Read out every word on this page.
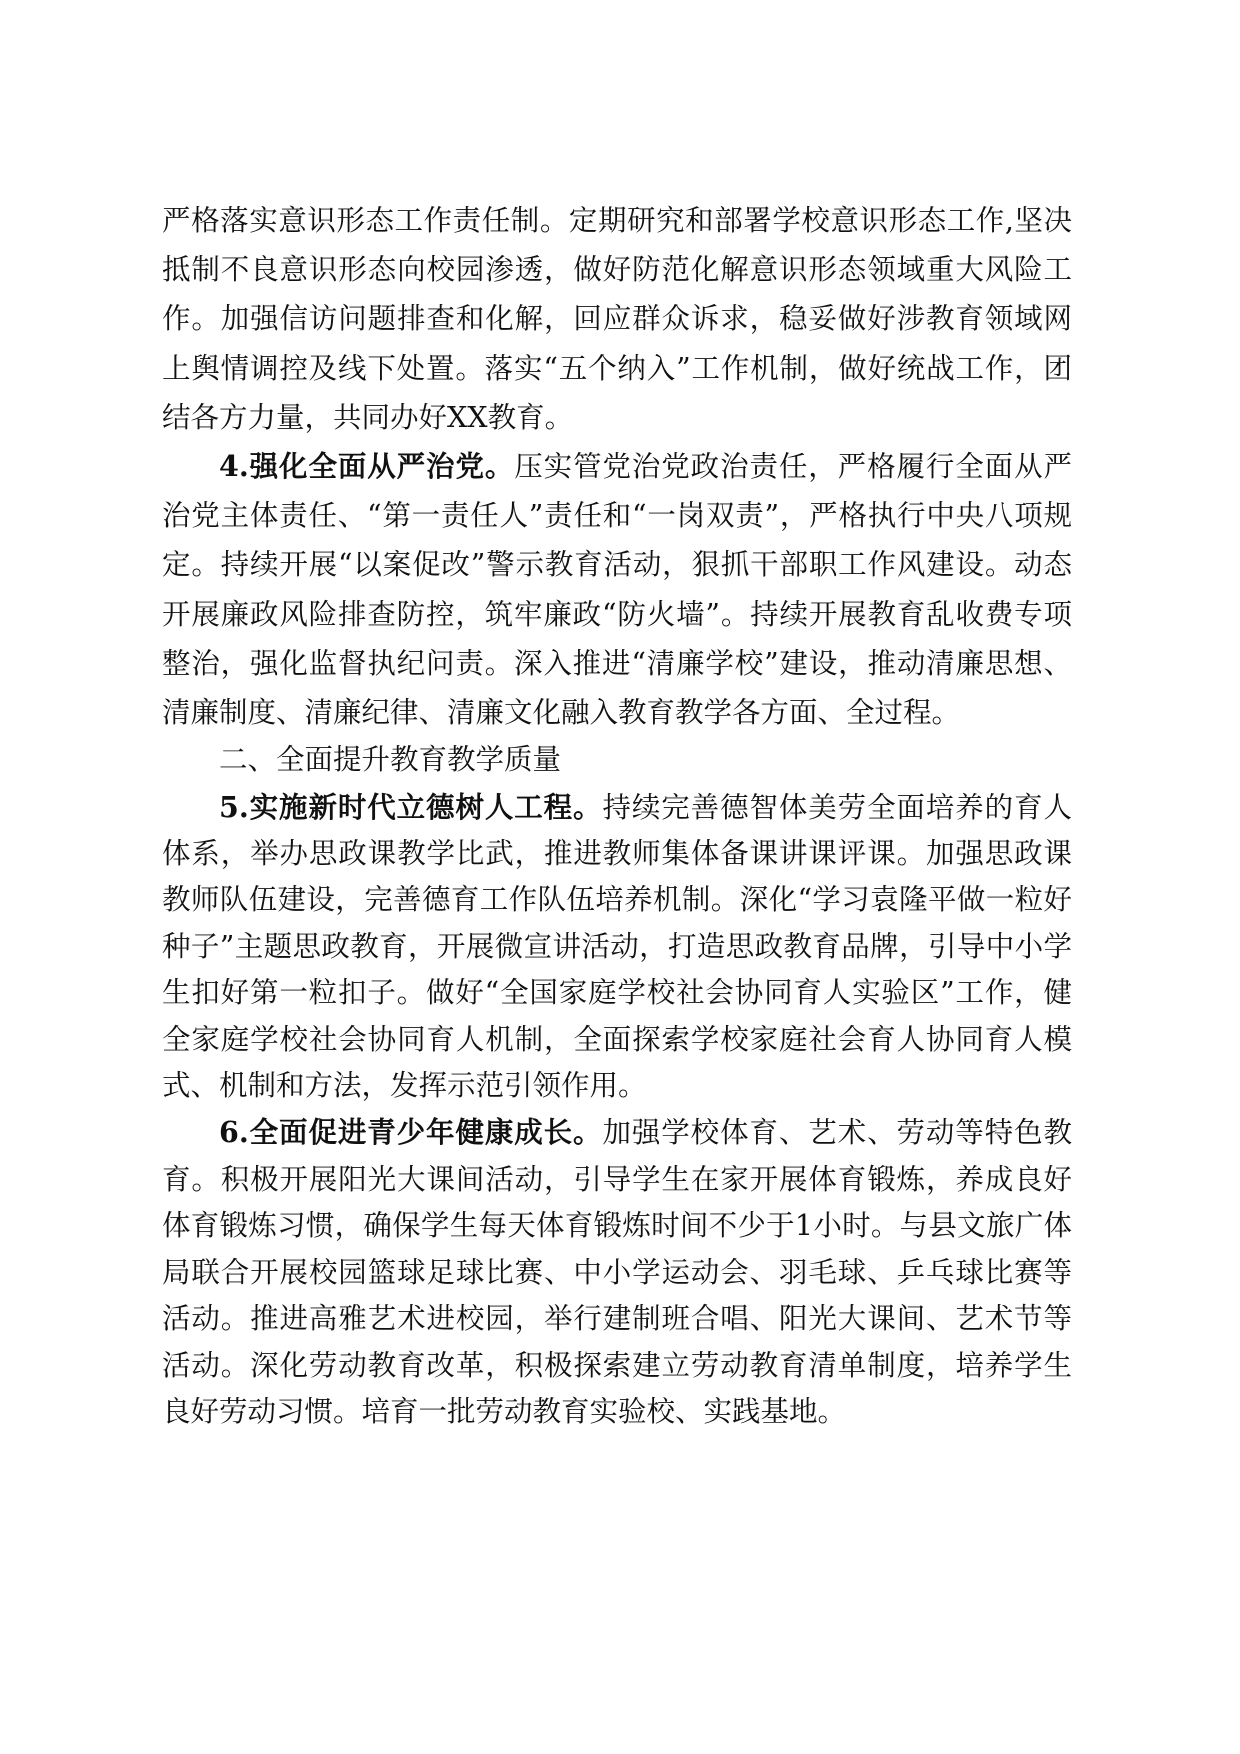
严格落实意识形态工作责任制。定期研究和部署学校意识形态工作,坚决抵制不良意识形态向校园渗透，做好防范化解意识形态领域重大风险工作。加强信访问题排查和化解，回应群众诉求，稳妥做好涉教育领域网上舆情调控及线下处置。落实“五个纳入”工作机制，做好统战工作，团结各方力量，共同办好XX教育。

4.强化全面从严治党。压实管党治党政治责任，严格履行全面从严治党主体责任、“第一责任人”责任和“一岗双责”，严格执行中央八项规定。持续开展“以案促改”警示教育活动，狠抓干部职工作风建设。动态开展廉政风险排查防控，筑牢廉政“防火墙”。持续开展教育乱收费专项整治，强化监督执纪问责。深入推进“清廉学校”建设，推动清廉思想、清廉制度、清廉纪律、清廉文化融入教育教学各方面、全过程。

二、全面提升教育教学质量

5.实施新时代立德树人工程。持续完善德智体美劳全面培养的育人体系，举办思政课教学比武，推进教师集体备课讲课评课。加强思政课教师队伍建设，完善德育工作队伍培养机制。深化“学习袁隆平做一粒好种子”主题思政教育，开展微宣讲活动，打造思政教育品牌，引导中小学生扣好第一粒扣子。做好“全国家庭学校社会协同育人实验区”工作，健全家庭学校社会协同育人机制，全面探索学校家庭社会育人协同育人模式、机制和方法，发挥示范引领作用。

6.全面促进青少年健康成长。加强学校体育、艺术、劳动等特色教育。积极开展阳光大课间活动，引导学生在家开展体育锻炼，养成良好体育锻炼习惯，确保学生每天体育锻炼时间不少于1小时。与县文旅广体局联合开展校园篮球足球比赛、中小学运动会、羽毛球、乒乓球比赛等活动。推进高雅艺术进校园，举行建制班合唱、阳光大课间、艺术节等活动。深化劳动教育改革，积极探索建立劳动教育清单制度，培养学生良好劳动习惯。培育一批劳动教育实验校、实践基地。
